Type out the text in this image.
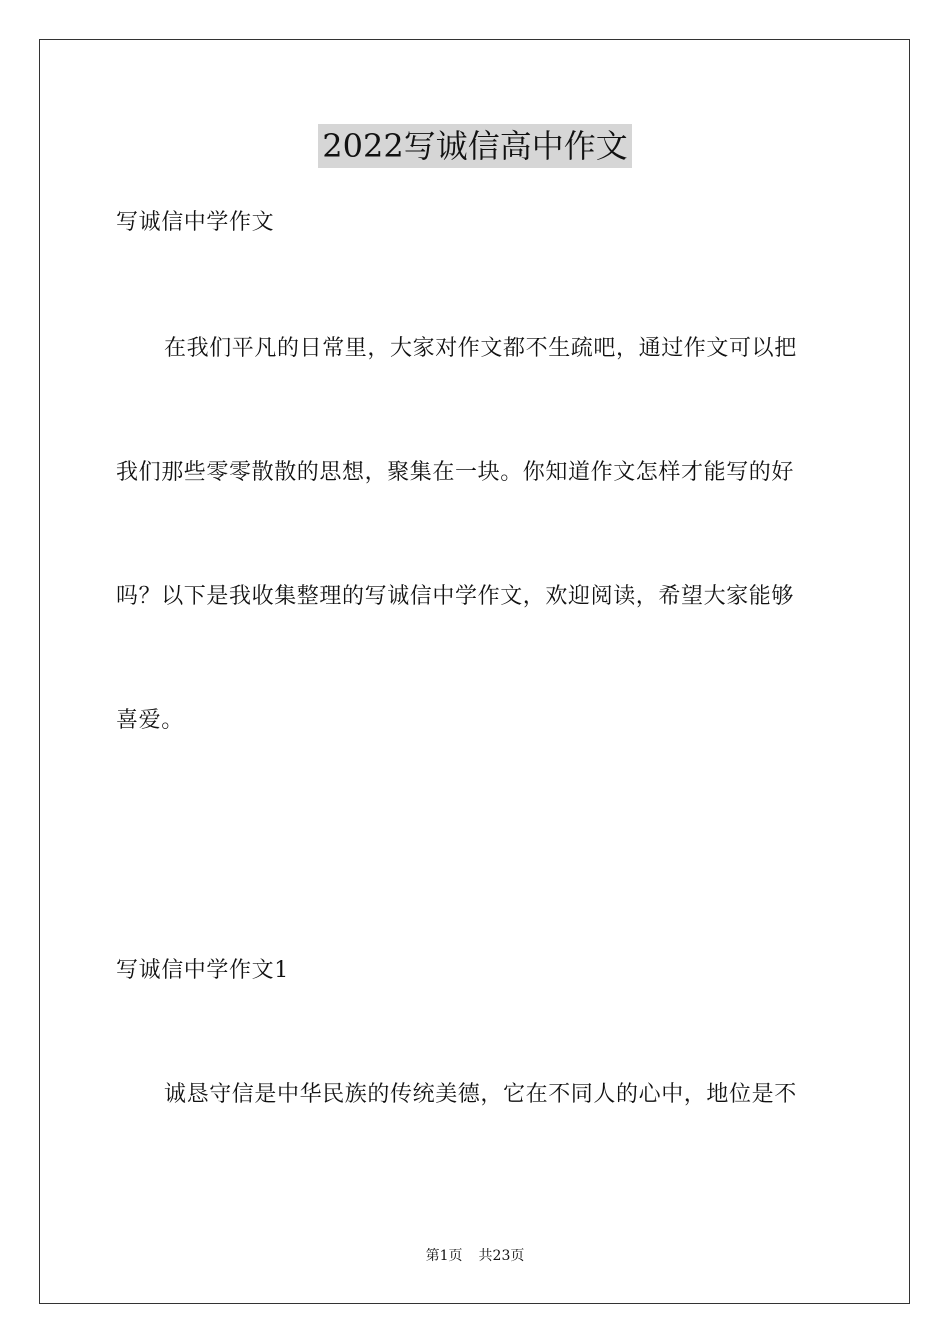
2022写诚信高中作文
写诚信中学作文
在我们平凡的日常里，大家对作文都不生疏吧，通过作文可以把
我们那些零零散散的思想，聚集在一块。你知道作文怎样才能写的好
吗？以下是我收集整理的写诚信中学作文，欢迎阅读，希望大家能够
喜爱。
写诚信中学作文1
诚恳守信是中华民族的传统美德，它在不同人的心中，地位是不
第1页 共23页
